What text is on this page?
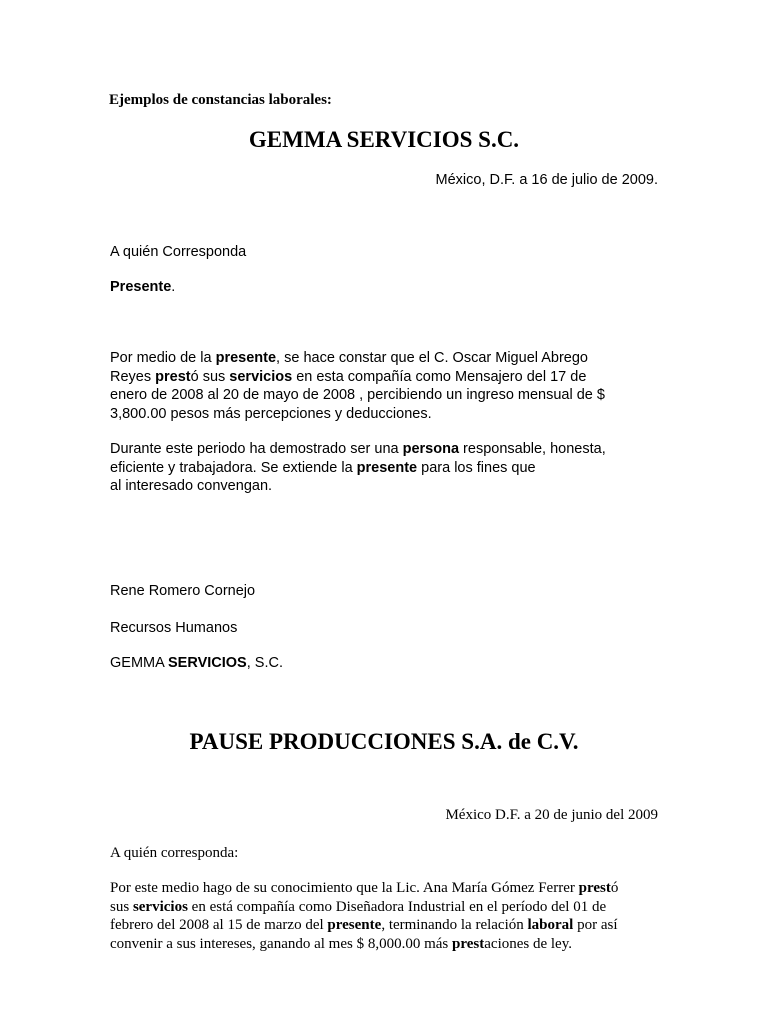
Ejemplos de constancias laborales:
GEMMA SERVICIOS S.C.
México, D.F. a 16 de julio de 2009.
A quién Corresponda
Presente.
Por medio de la presente, se hace constar que el C. Oscar Miguel Abrego
Reyes prestó sus servicios en esta compañía como Mensajero del 17 de
enero de 2008 al 20 de mayo de 2008 , percibiendo un ingreso mensual de $
3,800.00 pesos más percepciones y deducciones.
Durante este periodo ha demostrado ser una persona responsable, honesta,
eficiente y trabajadora. Se extiende la presente para los fines que
al interesado convengan.
Rene Romero Cornejo
Recursos Humanos
GEMMA SERVICIOS, S.C.
PAUSE PRODUCCIONES S.A. de C.V.
México D.F. a 20 de junio del 2009
A quién corresponda:
Por este medio hago de su conocimiento que la Lic. Ana María Gómez Ferrer prestó
sus servicios en está compañía como Diseñadora Industrial en el período del 01 de
febrero del 2008 al 15 de marzo del presente, terminando la relación laboral por así
convenir a sus intereses, ganando al mes $ 8,000.00 más prestaciones de ley.
